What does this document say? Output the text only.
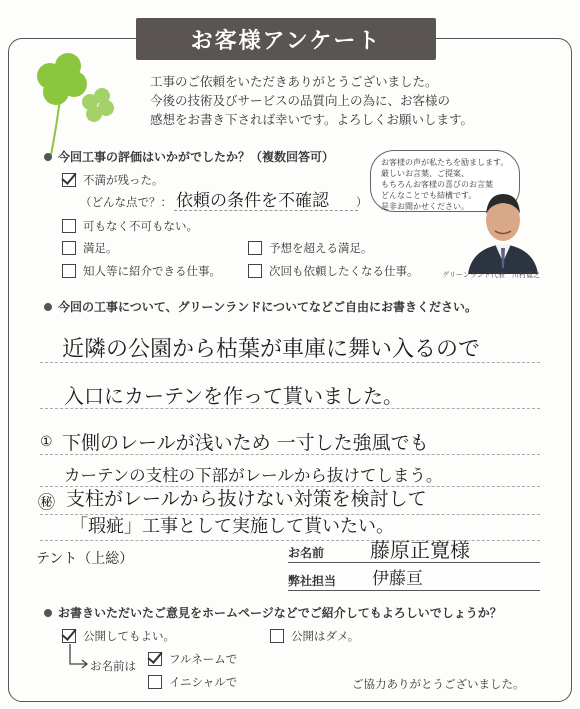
お客様アンケート
工事のご依頼をいただきありがとうございました。
今後の技術及びサービスの品質向上の為に、お客様の
感想をお書き下されば幸いです。よろしくお願いします。
今回工事の評価はいかがでしたか？（複数回答可）
不満が残った。
（どんな点で？： 依頼の条件を不確認 ）
可もなく不可もない。
満足。	予想を超える満足。
知人等に紹介できる仕事。	次回も依頼したくなる仕事。
お客様の声が私たちを励まします。
厳しいお言葉、ご提案、
もちろんお客様の喜びのお言葉
どんなことでも結構です。
是非お聞かせください。
グリーンランド代表　川村寛之
今回の工事について、グリーンランドについてなどご自由にお書きください。
近隣の公園から枯葉が車庫に舞い入るので
入口にカーテンを作って貰いました。
① 下側のレールが浅いため 一寸した強風でも
カーテンの支柱の下部がレールから抜けてしまう。
㊙ 支柱がレールから抜けない対策を検討して
「瑕疵」工事として実施して貰いたい。
テント（上総）	お名前 藤原正寛様
弊社担当 伊藤亘
お書きいただいたご意見をホームページなどでご紹介してもよろしいでしょうか？
公開してもよい。	公開はダメ。
お名前は	フルネームで
イニシャルで	ご協力ありがとうございました。
